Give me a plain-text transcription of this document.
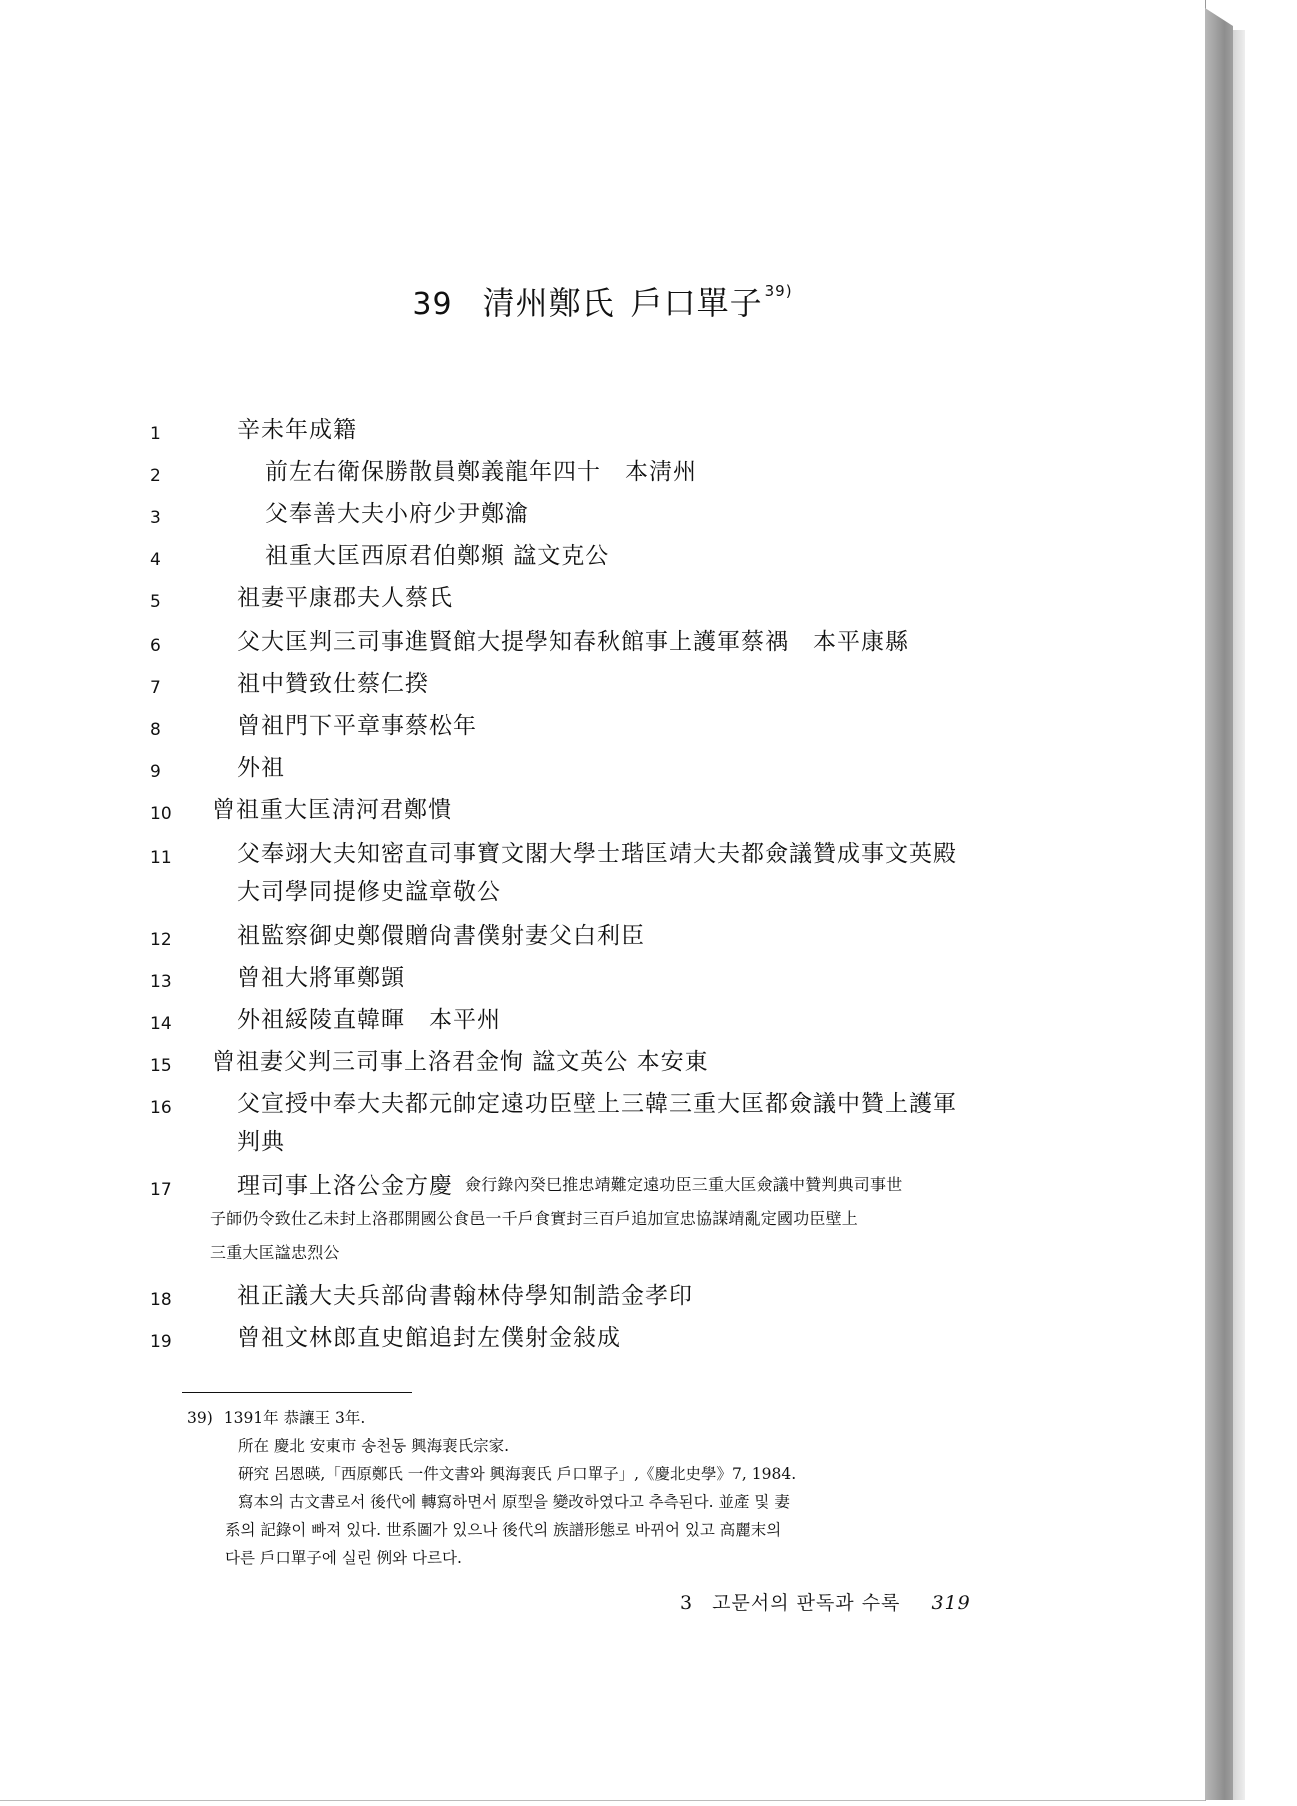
39 清州鄭氏 戶口單子 $^{39)}$
1	辛未年成籍
2	前左右衛保勝散員鄭義龍年四十　本淸州
3	父奉善大夫小府少尹鄭㵸
4	祖重大匡西原君伯鄭頫 諡文克公
5	祖妻平康郡夫人蔡氏
6	父大匡判三司事進賢館大提學知春秋館事上護軍蔡禑　本平康縣
7	祖中贊致仕蔡仁揆
8	曾祖門下平章事蔡松年
9	外祖
10	曾祖重大匡淸河君鄭憒
11	父奉翊大夫知密直司事寶文閣大學士瑎匡靖大夫都僉議贊成事文英殿
大司學同提修史諡章敬公
12	祖監察御史鄭儇贈尙書僕射妻父白利臣
13	曾祖大將軍鄭顗
14	外祖綏陵直韓暉　本平州
15	曾祖妻父判三司事上洛君金恂 諡文英公 本安東
16	父宣授中奉大夫都元帥定遠功臣壁上三韓三重大匡都僉議中贊上護軍
判典
17	理司事上洛公金方慶 僉行錄內癸巳推忠靖難定遠功臣三重大匡僉議中贊判典司事世
子師仍令致仕乙未封上洛郡開國公食邑一千戶食實封三百戶追加宣忠協謀靖亂定國功臣壁上
三重大匡諡忠烈公
18	祖正議大夫兵部尙書翰林侍學知制誥金孝印
19	曾祖文林郎直史館追封左僕射金敍成
39) 1391年 恭讓王 3年.
所在 慶北 安東市 송천동 興海裵氏宗家.
硏究 呂恩暎,「西原鄭氏 一件文書와 興海裵氏 戶口單子」,《慶北史學》7, 1984.
寫本의 古文書로서 後代에 轉寫하면서 原型을 變改하였다고 추측된다. 並產 및 妻
系의 記錄이 빠져 있다. 世系圖가 있으나 後代의 族譜形態로 바뀌어 있고 高麗末의
다른 戶口單子에 실린 例와 다르다.
3 고문서의 판독과 수록 319
